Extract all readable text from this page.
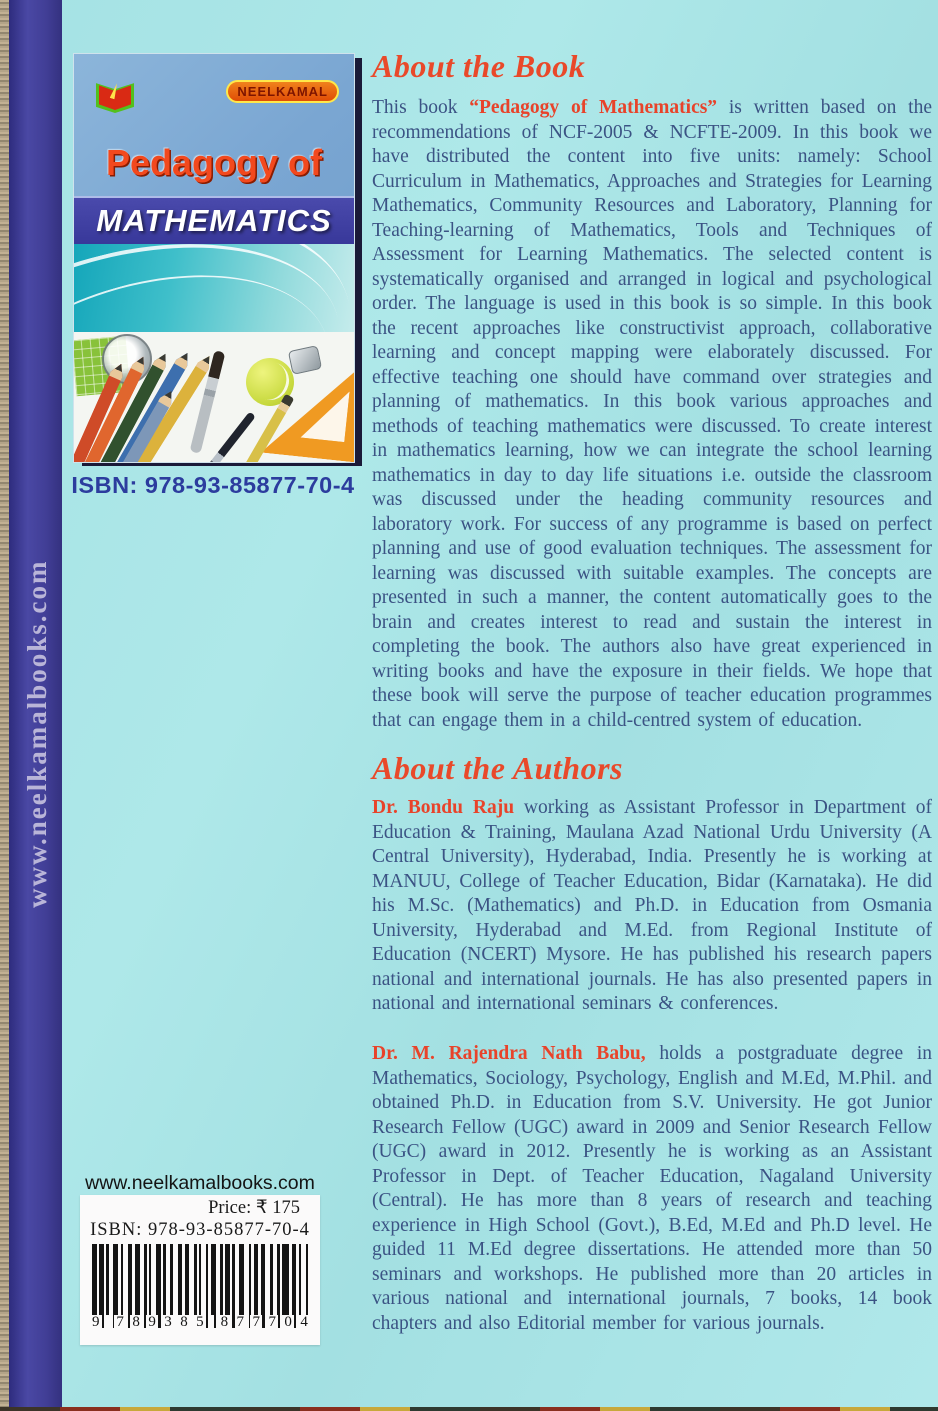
www.neelkamalbooks.com
NEELKAMAL
Pedagogy of
MATHEMATICS
ISBN: 978-93-85877-70-4
About the Book
This book “Pedagogy of Mathematics” is written based on the recommendations of NCF-2005 & NCFTE-2009. In this book we have distributed the content into five units: namely: School Curriculum in Mathematics, Approaches and Strategies for Learning Mathematics, Community Resources and Laboratory, Planning for Teaching-learning of Mathematics, Tools and Techniques of Assessment for Learning Mathematics. The selected content is systematically organised and arranged in logical and psychological order. The language is used in this book is so simple. In this book the recent approaches like constructivist approach, collaborative learning and concept mapping were elaborately discussed. For effective teaching one should have command over strategies and planning of mathematics. In this book various approaches and methods of teaching mathematics were discussed. To create interest in mathematics learning, how we can integrate the school learning mathematics in day to day life situations i.e. outside the classroom was discussed under the heading community resources and laboratory work. For success of any programme is based on perfect planning and use of good evaluation techniques. The assessment for learning was discussed with suitable examples. The concepts are presented in such a manner, the content automatically goes to the brain and creates interest to read and sustain the interest in completing the book. The authors also have great experienced in writing books and have the exposure in their fields. We hope that these book will serve the purpose of teacher education programmes that can engage them in a child-centred system of education.
About the Authors
Dr. Bondu Raju working as Assistant Professor in Department of Education & Training, Maulana Azad National Urdu University (A Central University), Hyderabad, India. Presently he is working at MANUU, College of Teacher Education, Bidar (Karnataka). He did his M.Sc. (Mathematics) and Ph.D. in Education from Osmania University, Hyderabad and M.Ed. from Regional Institute of Education (NCERT) Mysore. He has published his research papers national and international journals. He has also presented papers in national and international seminars & conferences.
Dr. M. Rajendra Nath Babu, holds a postgraduate degree in Mathematics, Sociology, Psychology, English and M.Ed, M.Phil. and obtained Ph.D. in Education from S.V. University. He got Junior Research Fellow (UGC) award in 2009 and Senior Research Fellow (UGC) award in 2012. Presently he is working as an Assistant Professor in Dept. of Teacher Education, Nagaland University (Central). He has more than 8 years of research and teaching experience in High School (Govt.), B.Ed, M.Ed and Ph.D level. He guided 11 M.Ed degree dissertations. He attended more than 50 seminars and workshops. He published more than 20 articles in various national and international journals, 7 books, 14 book chapters and also Editorial member for various journals.
www.neelkamalbooks.com
Price: ₹ 175
ISBN: 978-93-85877-70-4
9 7 8 9 3 8 5 8 7 7 7 0 4
